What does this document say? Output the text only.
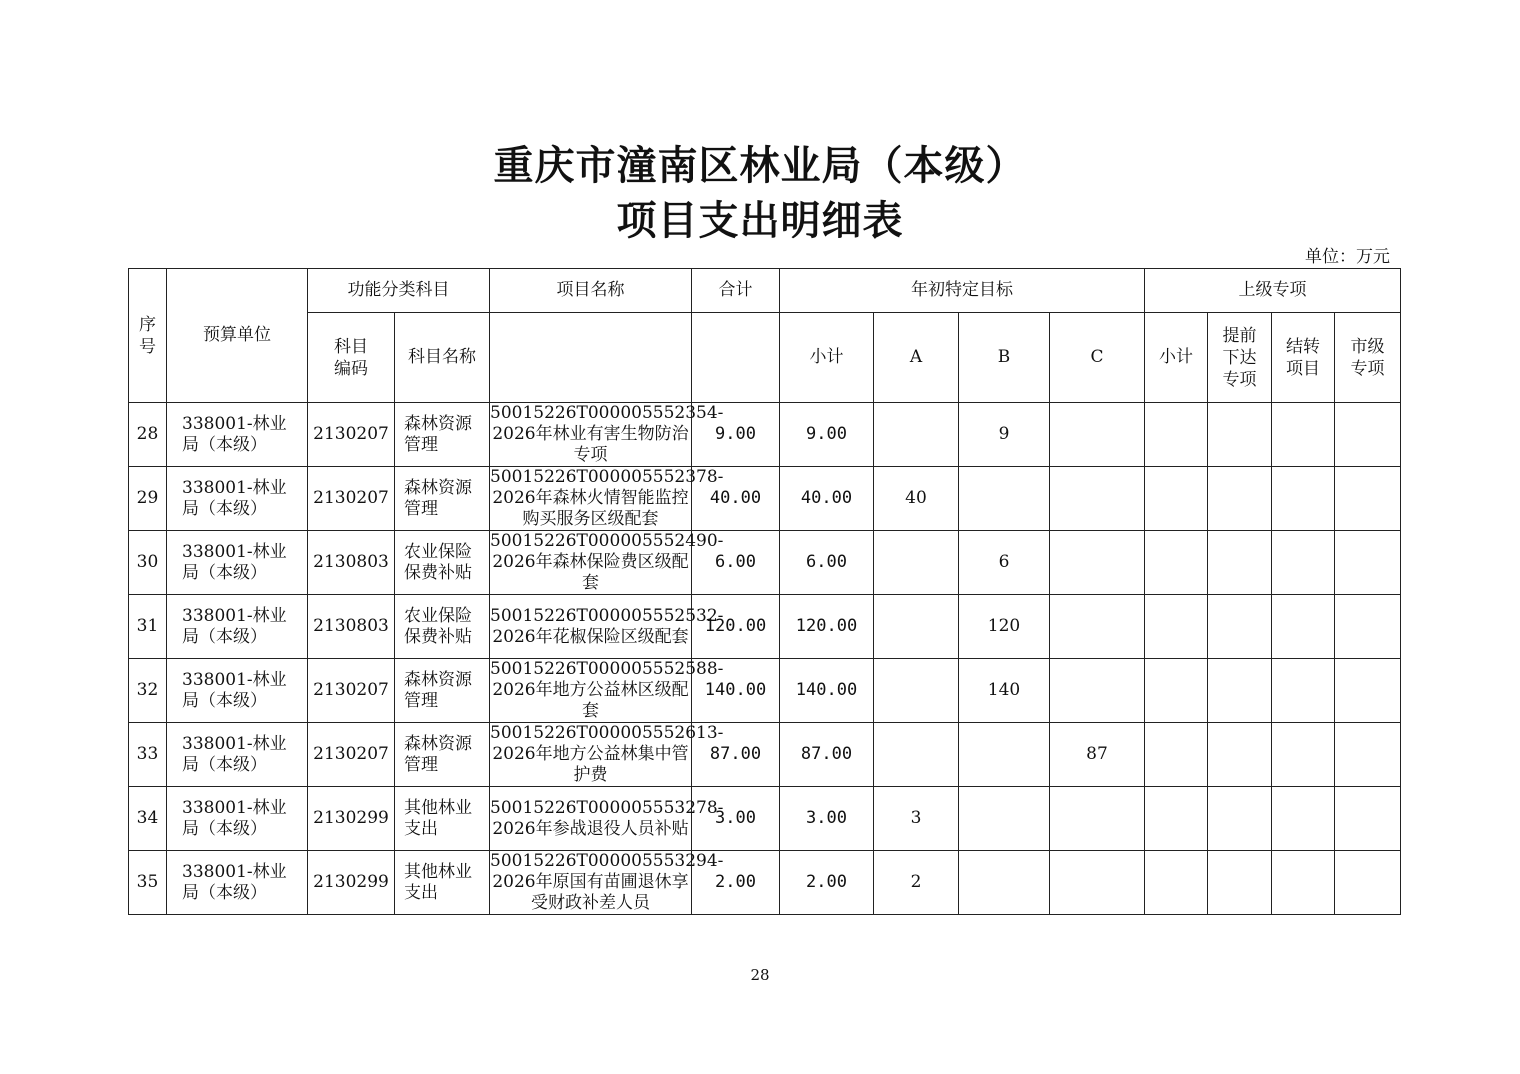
重庆市潼南区林业局（本级）
项目支出明细表
单位：万元
序号	预算单位	功能分类科目		项目名称	合计	年初特定目标				上级专项			
		科目编码	科目名称			小计	A	B	C	小计	提前下达专项	结转项目	市级专项
28	338001-林业局（本级）	2130207	森林资源管理	50015226T000005552354-2026年林业有害生物防治专项	9.00	9.00		9					
29	338001-林业局（本级）	2130207	森林资源管理	50015226T000005552378-2026年森林火情智能监控购买服务区级配套	40.00	40.00	40						
30	338001-林业局（本级）	2130803	农业保险保费补贴	50015226T000005552490-2026年森林保险费区级配套	6.00	6.00		6					
31	338001-林业局（本级）	2130803	农业保险保费补贴	50015226T000005552532-2026年花椒保险区级配套	120.00	120.00		120					
32	338001-林业局（本级）	2130207	森林资源管理	50015226T000005552588-2026年地方公益林区级配套	140.00	140.00		140					
33	338001-林业局（本级）	2130207	森林资源管理	50015226T000005552613-2026年地方公益林集中管护费	87.00	87.00			87				
34	338001-林业局（本级）	2130299	其他林业支出	50015226T000005553278-2026年参战退役人员补贴	3.00	3.00	3						
35	338001-林业局（本级）	2130299	其他林业支出	50015226T000005553294-2026年原国有苗圃退休享受财政补差人员	2.00	2.00	2						
28
